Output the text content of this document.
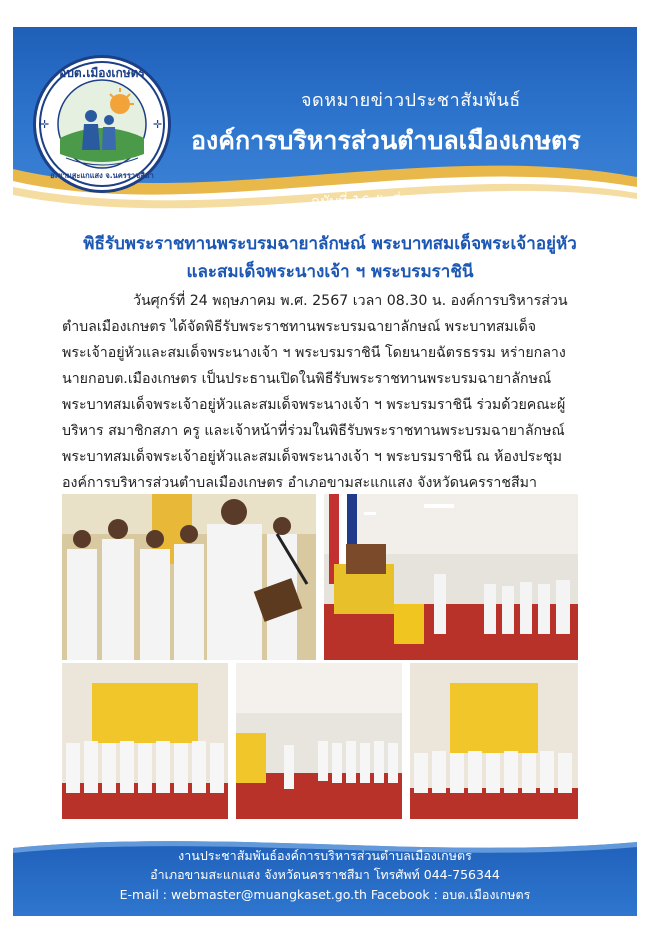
✛	✛
อบต.เมืองเกษตร
อ.ขามสะแกแสง จ.นครราชสีมา
จดหมายข่าวประชาสัมพันธ์
องค์การบริหารส่วนตำบลเมืองเกษตร
ฉบับที่ 16 วันที่ 24 พฤษภาคม 2567
พิธีรับพระราชทานพระบรมฉายาลักษณ์ พระบาทสมเด็จพระเจ้าอยู่หัว
และสมเด็จพระนางเจ้า ฯ พระบรมราชินี
วันศุกร์ที่ 24 พฤษภาคม พ.ศ. 2567 เวลา 08.30 น. องค์การบริหารส่วน
ตำบลเมืองเกษตร ได้จัดพิธีรับพระราชทานพระบรมฉายาลักษณ์ พระบาทสมเด็จ
พระเจ้าอยู่หัวและสมเด็จพระนางเจ้า ฯ พระบรมราชินี โดยนายฉัตรธรรม หร่ายกลาง
นายกอบต.เมืองเกษตร เป็นประธานเปิดในพิธีรับพระราชทานพระบรมฉายาลักษณ์
พระบาทสมเด็จพระเจ้าอยู่หัวและสมเด็จพระนางเจ้า ฯ พระบรมราชินี ร่วมด้วยคณะผู้
บริหาร สมาชิกสภา ครู และเจ้าหน้าที่ร่วมในพิธีรับพระราชทานพระบรมฉายาลักษณ์
พระบาทสมเด็จพระเจ้าอยู่หัวและสมเด็จพระนางเจ้า ฯ พระบรมราชินี ณ ห้องประชุม
องค์การบริหารส่วนตำบลเมืองเกษตร อำเภอขามสะแกแสง จังหวัดนครราชสีมา
งานประชาสัมพันธ์องค์การบริหารส่วนตำบลเมืองเกษตร
อำเภอขามสะแกแสง จังหวัดนครราชสีมา โทรศัพท์ 044-756344
E-mail : webmaster@muangkaset.go.th Facebook : อบต.เมืองเกษตร
